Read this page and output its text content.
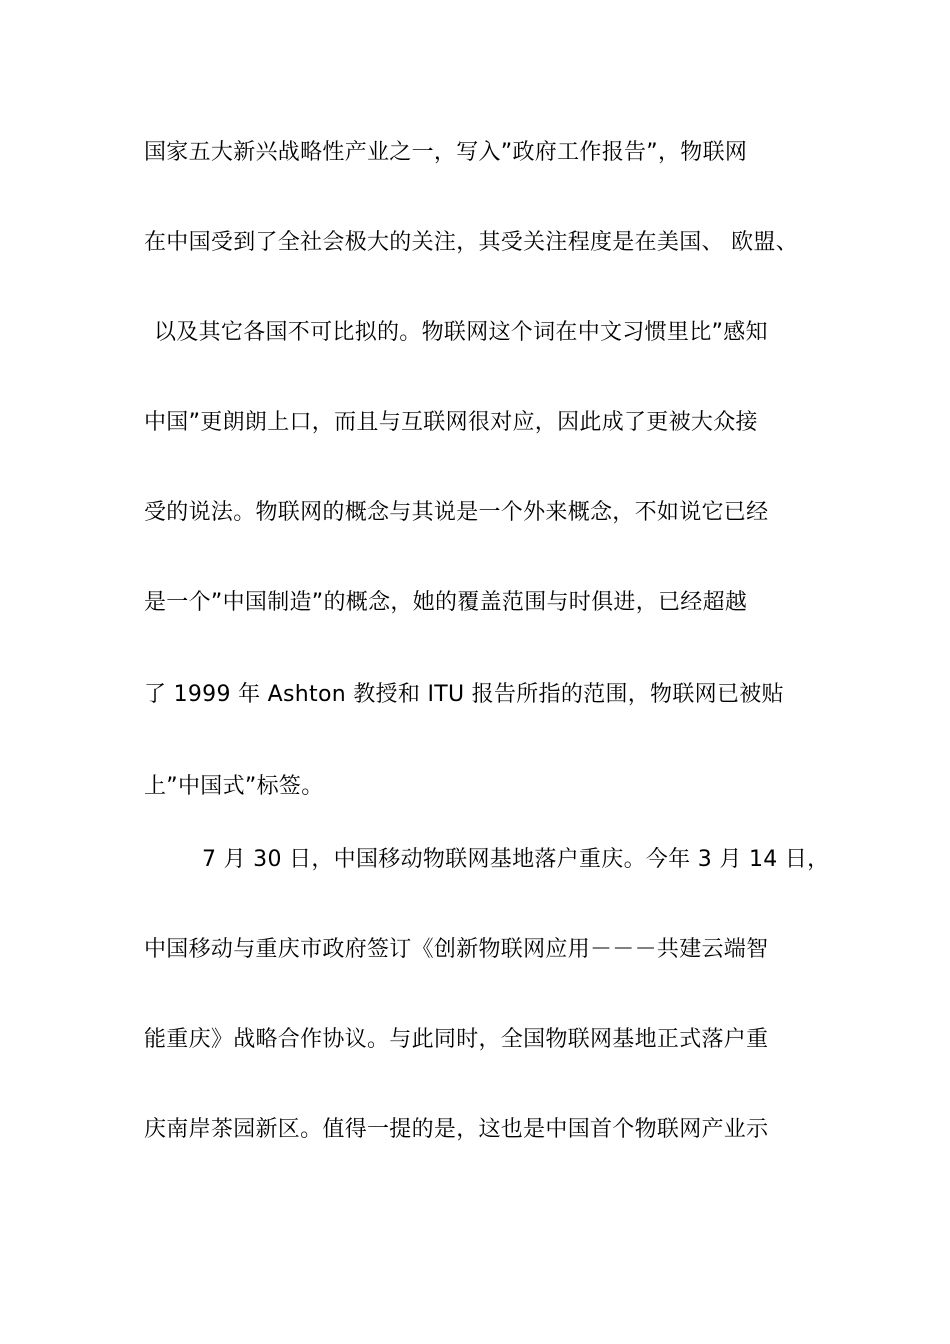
国家五大新兴战略性产业之一，写入”政府工作报告”，物联网
在中国受到了全社会极大的关注，其受关注程度是在美国、 欧盟、
以及其它各国不可比拟的。物联网这个词在中文习惯里比”感知
中国”更朗朗上口，而且与互联网很对应，因此成了更被大众接
受的说法。物联网的概念与其说是一个外来概念，不如说它已经
是一个”中国制造”的概念，她的覆盖范围与时俱进，已经超越
了 1999 年 Ashton 教授和 ITU 报告所指的范围，物联网已被贴
上”中国式”标签。
7 月 30 日，中国移动物联网基地落户重庆。今年 3 月 14 日，
中国移动与重庆市政府签订《创新物联网应用－－－共建云端智
能重庆》战略合作协议。与此同时，全国物联网基地正式落户重
庆南岸茶园新区。值得一提的是，这也是中国首个物联网产业示
